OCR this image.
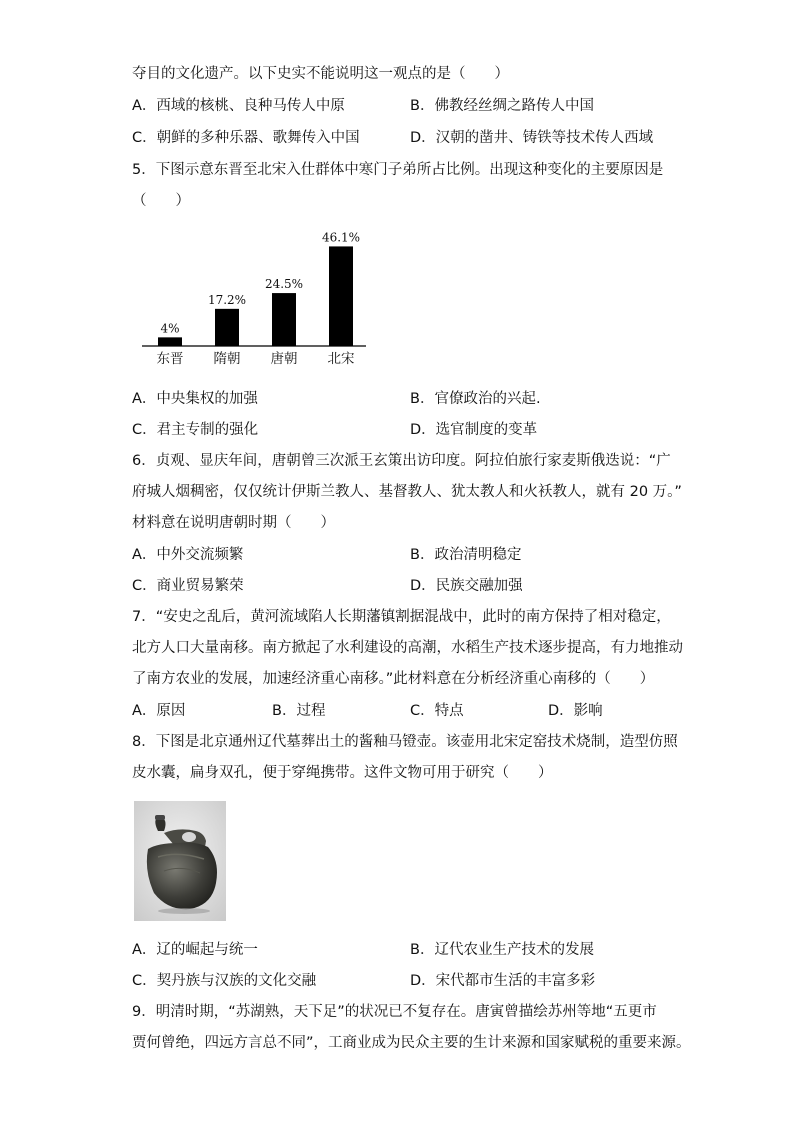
夺目的文化遗产。以下史实不能说明这一观点的是（　　）
A．西域的核桃、良种马传人中原	B．佛教经丝绸之路传人中国
C．朝鲜的多种乐器、歌舞传入中国	D．汉朝的凿井、铸铁等技术传人西域
5．下图示意东晋至北宋入仕群体中寒门子弟所占比例。出现这种变化的主要原因是
（　　）
4%
东晋
17.2%
隋朝
24.5%
唐朝
46.1%
北宋
A．中央集权的加强	B．官僚政治的兴起.
C．君主专制的强化	D．选官制度的变革
6．贞观、显庆年间，唐朝曾三次派王玄策出访印度。阿拉伯旅行家麦斯俄迭说：“广
府城人烟稠密，仅仅统计伊斯兰教人、基督教人、犹太教人和火袄教人，就有 20 万。”
材料意在说明唐朝时期（　　）
A．中外交流频繁	B．政治清明稳定
C．商业贸易繁荣	D．民族交融加强
7．“安史之乱后，黄河流域陷人长期藩镇割据混战中，此时的南方保持了相对稳定，
北方人口大量南移。南方掀起了水利建设的高潮，水稻生产技术逐步提高，有力地推动
了南方农业的发展，加速经济重心南移。”此材料意在分析经济重心南移的（　　）
A．原因	B．过程	C．特点	D．影响
8．下图是北京通州辽代墓葬出土的酱釉马镫壶。该壶用北宋定窑技术烧制，造型仿照
皮水囊，扁身双孔，便于穿绳携带。这件文物可用于研究（　　）
A．辽的崛起与统一	B．辽代农业生产技术的发展
C．契丹族与汉族的文化交融	D．宋代都市生活的丰富多彩
9．明清时期，“苏湖熟，天下足”的状况已不复存在。唐寅曾描绘苏州等地“五更市
贾何曾绝，四远方言总不同”，工商业成为民众主要的生计来源和国家赋税的重要来源。
